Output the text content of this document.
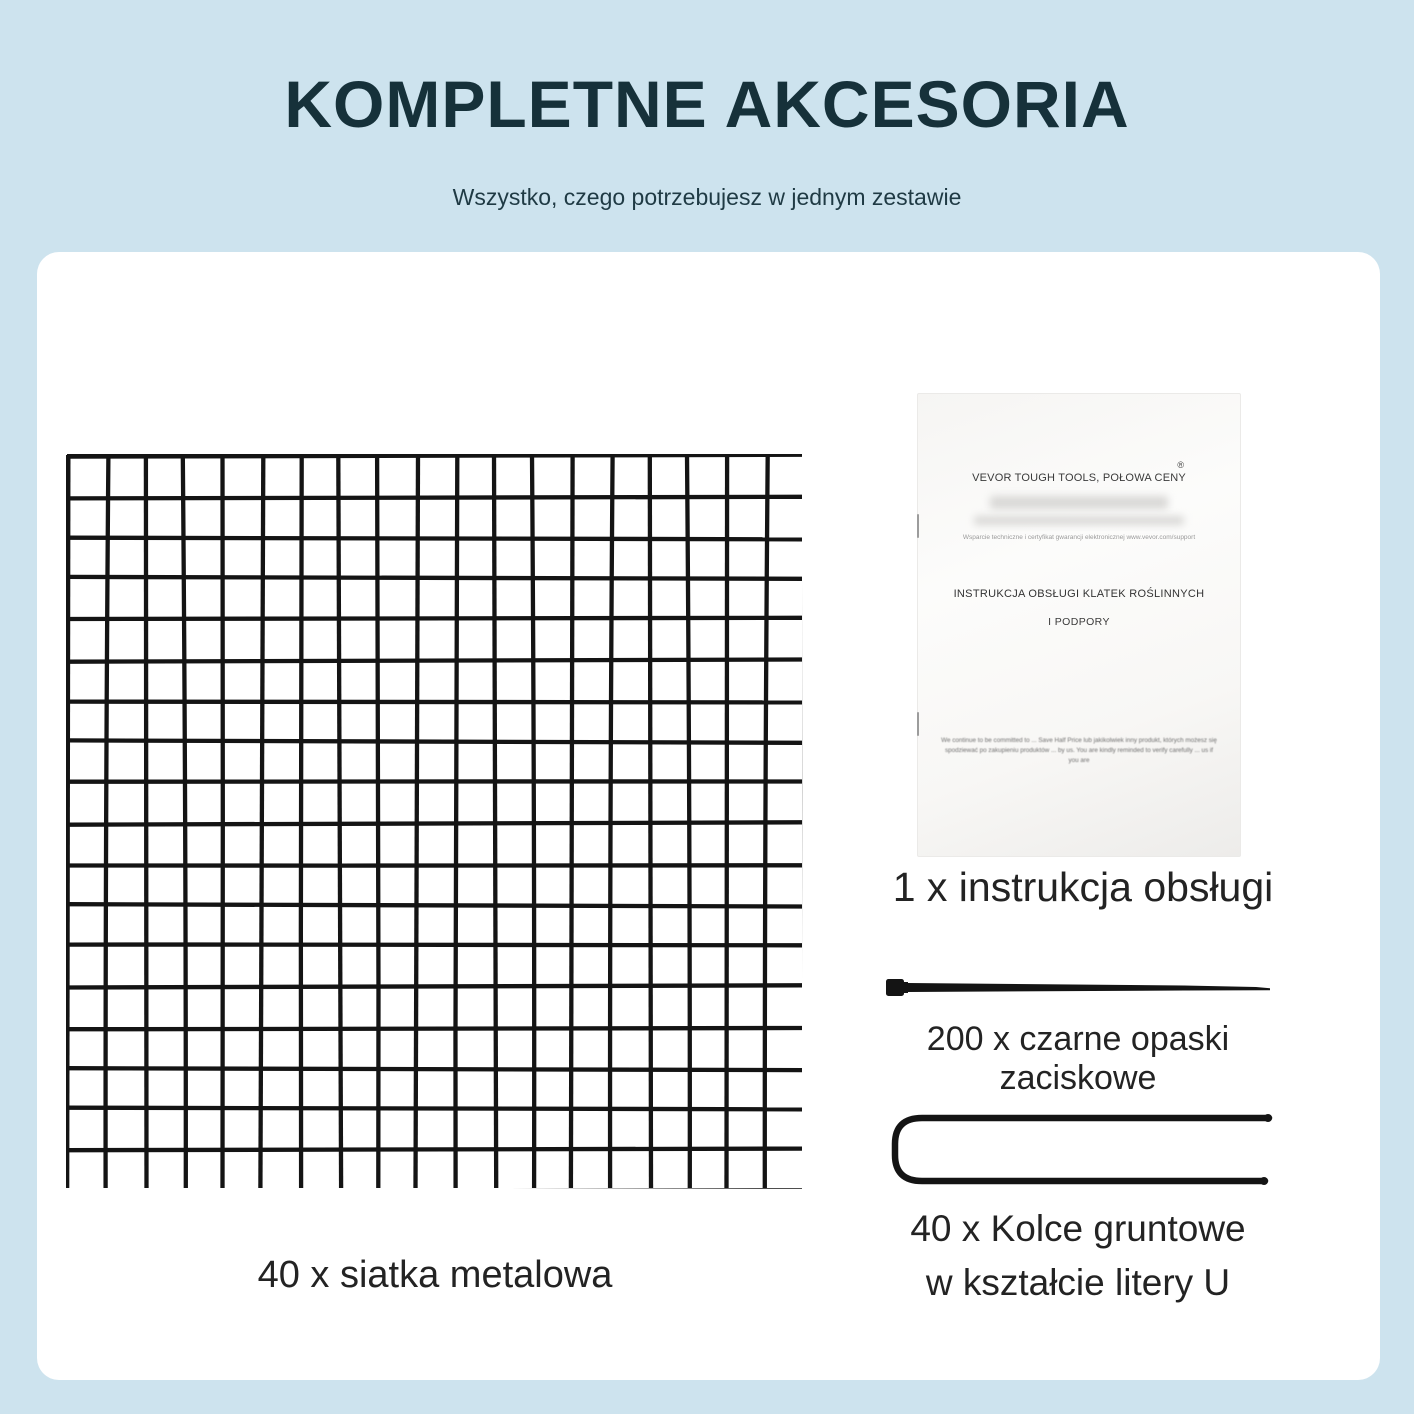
KOMPLETNE AKCESORIA
Wszystko, czego potrzebujesz w jednym zestawie
40 x siatka metalowa
®
VEVOR TOUGH TOOLS, POŁOWA CENY
Wsparcie techniczne i certyfikat gwarancji elektronicznej www.vevor.com/support
INSTRUKCJA OBSŁUGI KLATEK ROŚLINNYCH
I PODPORY
We continue to be committed to ... Save Half Price lub jakikolwiek inny produkt, których możesz się spodziewać po zakupieniu produktów ... by us. You are kindly reminded to verify carefully ... us if you are
1 x instrukcja obsługi
200 x czarne opaski zaciskowe
40 x Kolce gruntowe
w kształcie litery U
